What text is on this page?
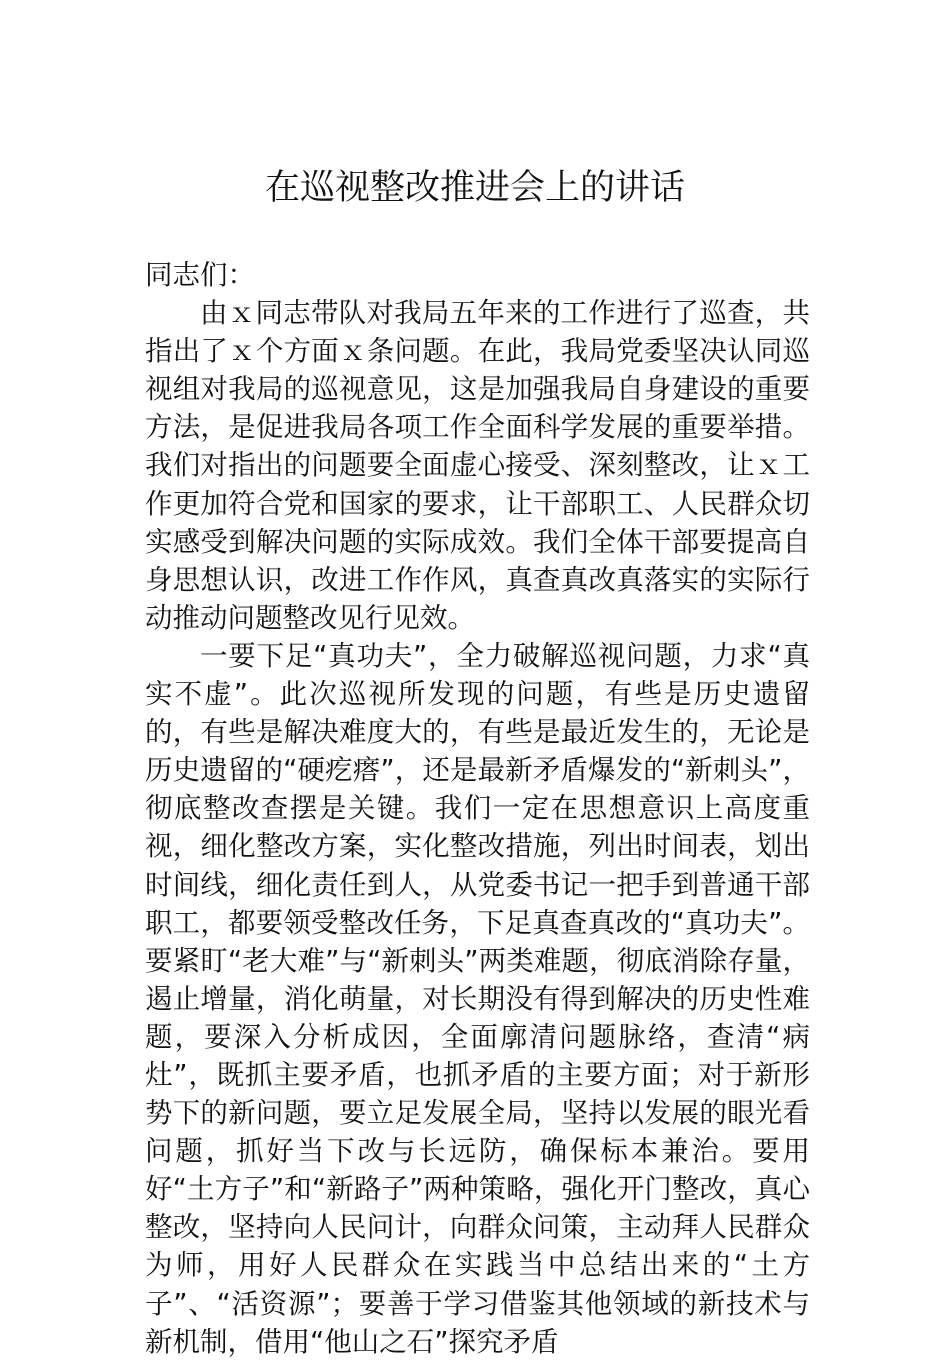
在巡视整改推进会上的讲话

同志们：

由ｘ同志带队对我局五年来的工作进行了巡查，共指出了ｘ个方面ｘ条问题。在此，我局党委坚决认同巡视组对我局的巡视意见，这是加强我局自身建设的重要方法，是促进我局各项工作全面科学发展的重要举措。我们对指出的问题要全面虚心接受、深刻整改，让ｘ工作更加符合党和国家的要求，让干部职工、人民群众切实感受到解决问题的实际成效。我们全体干部要提高自身思想认识，改进工作作风，真查真改真落实的实际行动推动问题整改见行见效。

一要下足“真功夫”，全力破解巡视问题，力求“真实不虚”。此次巡视所发现的问题，有些是历史遗留的，有些是解决难度大的，有些是最近发生的，无论是历史遗留的“硬疙瘩”，还是最新矛盾爆发的“新刺头”，彻底整改查摆是关键。我们一定在思想意识上高度重视，细化整改方案，实化整改措施，列出时间表，划出时间线，细化责任到人，从党委书记一把手到普通干部职工，都要领受整改任务，下足真查真改的“真功夫”。要紧盯“老大难”与“新刺头”两类难题，彻底消除存量，遏止增量，消化萌量，对长期没有得到解决的历史性难题，要深入分析成因，全面廓清问题脉络，查清“病灶”，既抓主要矛盾，也抓矛盾的主要方面；对于新形势下的新问题，要立足发展全局，坚持以发展的眼光看问题，抓好当下改与长远防，确保标本兼治。要用好“土方子”和“新路子”两种策略，强化开门整改，真心整改，坚持向人民问计，向群众问策，主动拜人民群众为师，用好人民群众在实践当中总结出来的“土方子”、“活资源”；要善于学习借鉴其他领域的新技术与新机制，借用“他山之石”探究矛盾
